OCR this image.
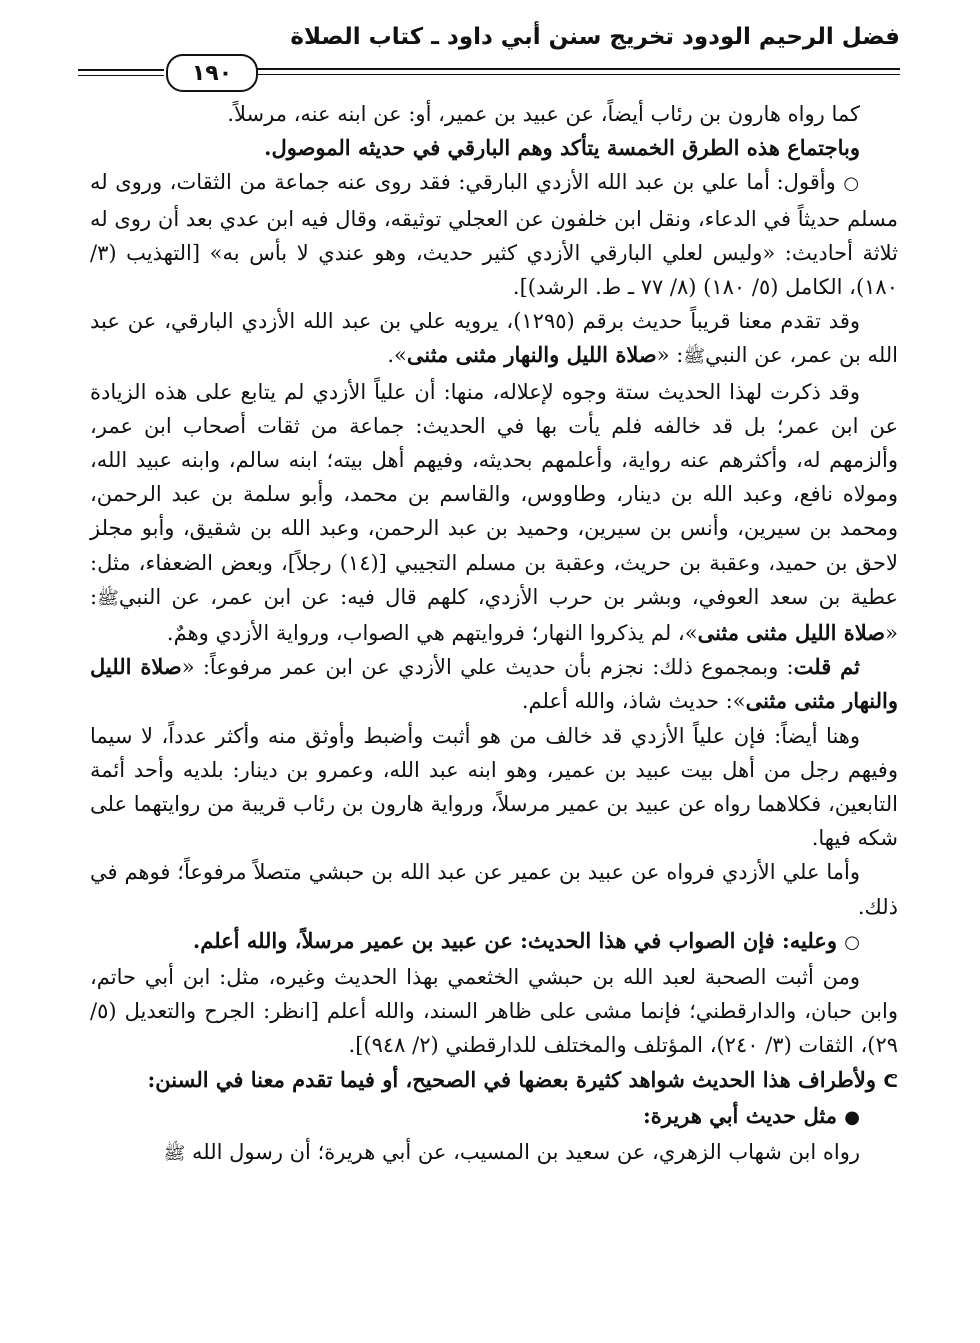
فضل الرحيم الودود تخريج سنن أبي داود ـ كتاب الصلاة
١٩٠

كما رواه هارون بن رئاب أيضاً، عن عبيد بن عمير، أو: عن ابنه عنه، مرسلاً.

وباجتماع هذه الطرق الخمسة يتأكد وهم البارقي في حديثه الموصول.

○ وأقول: أما علي بن عبد الله الأزدي البارقي: فقد روى عنه جماعة من الثقات، وروى له مسلم حديثاً في الدعاء، ونقل ابن خلفون عن العجلي توثيقه، وقال فيه ابن عدي بعد أن روى له ثلاثة أحاديث: «وليس لعلي البارقي الأزدي كثير حديث، وهو عندي لا بأس به» [التهذيب (٣/ ١٨٠)، الكامل (٥/ ١٨٠) (٨/ ٧٧ ـ ط. الرشد)].

وقد تقدم معنا قريباً حديث برقم (١٢٩٥)، يرويه علي بن عبد الله الأزدي البارقي، عن عبد الله بن عمر، عن النبيﷺ: «صلاة الليل والنهار مثنى مثنى».

وقد ذكرت لهذا الحديث ستة وجوه لإعلاله، منها: أن علياً الأزدي لم يتابع على هذه الزيادة عن ابن عمر؛ بل قد خالفه فلم يأت بها في الحديث: جماعة من ثقات أصحاب ابن عمر، وألزمهم له، وأكثرهم عنه رواية، وأعلمهم بحديثه، وفيهم أهل بيته؛ ابنه سالم، وابنه عبيد الله، ومولاه نافع، وعبد الله بن دينار، وطاووس، والقاسم بن محمد، وأبو سلمة بن عبد الرحمن، ومحمد بن سيرين، وأنس بن سيرين، وحميد بن عبد الرحمن، وعبد الله بن شقيق، وأبو مجلز لاحق بن حميد، وعقبة بن حريث، وعقبة بن مسلم التجيبي [(١٤) رجلاً]، وبعض الضعفاء، مثل: عطية بن سعد العوفي، وبشر بن حرب الأزدي، كلهم قال فيه: عن ابن عمر، عن النبيﷺ: «صلاة الليل مثنى مثنى»، لم يذكروا النهار؛ فروايتهم هي الصواب، ورواية الأزدي وهمٌ.

ثم قلت: وبمجموع ذلك: نجزم بأن حديث علي الأزدي عن ابن عمر مرفوعاً: «صلاة الليل والنهار مثنى مثنى»: حديث شاذ، والله أعلم.

وهنا أيضاً: فإن علياً الأزدي قد خالف من هو أثبت وأضبط وأوثق منه وأكثر عدداً، لا سيما وفيهم رجل من أهل بيت عبيد بن عمير، وهو ابنه عبد الله، وعمرو بن دينار: بلديه وأحد أئمة التابعين، فكلاهما رواه عن عبيد بن عمير مرسلاً، ورواية هارون بن رئاب قريبة من روايتهما على شكه فيها.

وأما علي الأزدي فرواه عن عبيد بن عمير عن عبد الله بن حبشي متصلاً مرفوعاً؛ فوهم في ذلك.

○ وعليه: فإن الصواب في هذا الحديث: عن عبيد بن عمير مرسلاً، والله أعلم.

ومن أثبت الصحبة لعبد الله بن حبشي الخثعمي بهذا الحديث وغيره، مثل: ابن أبي حاتم، وابن حبان، والدارقطني؛ فإنما مشى على ظاهر السند، والله أعلم [انظر: الجرح والتعديل (٥/ ٢٩)، الثقات (٣/ ٢٤٠)، المؤتلف والمختلف للدارقطني (٢/ ٩٤٨)].

ᕦ ولأطراف هذا الحديث شواهد كثيرة بعضها في الصحيح، أو فيما تقدم معنا في السنن:

● مثل حديث أبي هريرة:

رواه ابن شهاب الزهري، عن سعيد بن المسيب، عن أبي هريرة؛ أن رسول الله ﷺ
